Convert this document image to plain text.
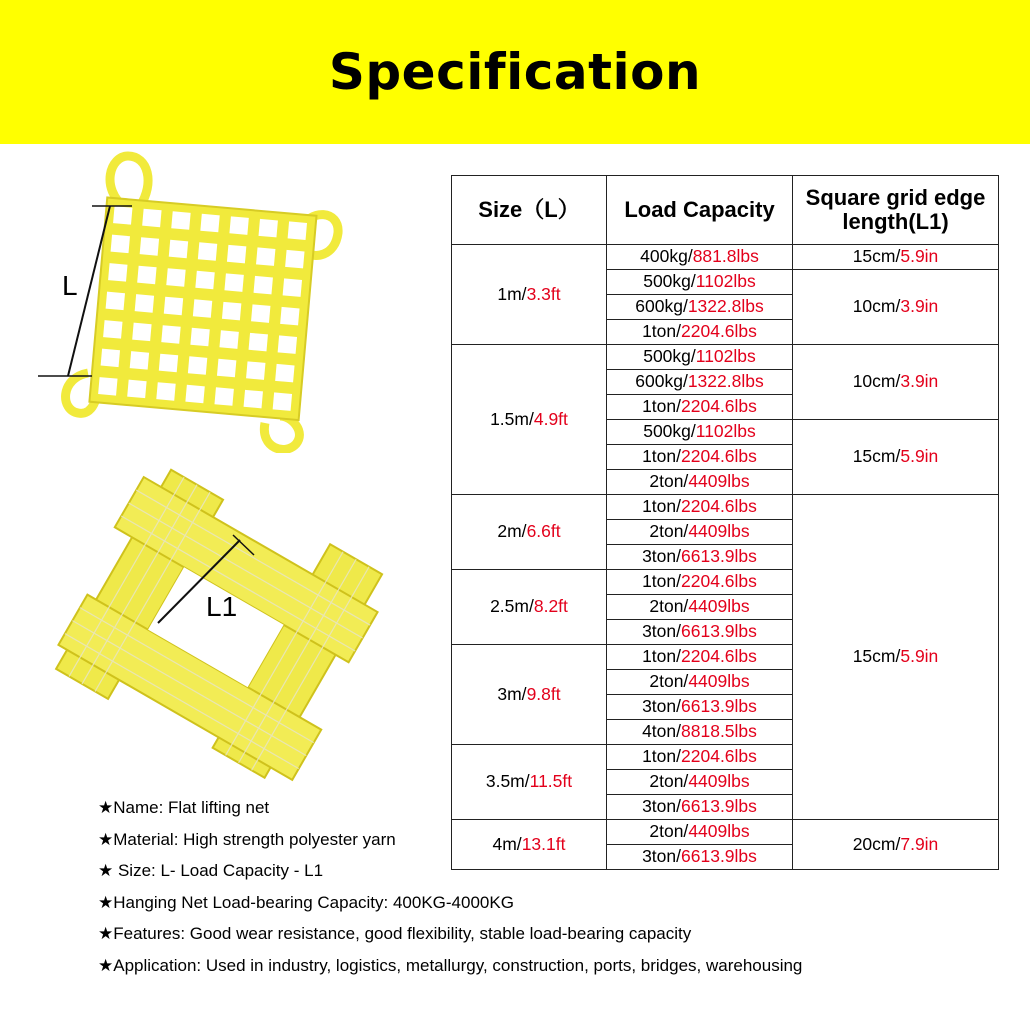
Specification
L
L1
Size（L）	Load Capacity	Square grid edge length(L1)
1m/3.3ft	400kg/881.8lbs	15cm/5.9in
	500kg/1102lbs	10cm/3.9in
	600kg/1322.8lbs	
	1ton/2204.6lbs	
1.5m/4.9ft	500kg/1102lbs	10cm/3.9in
	600kg/1322.8lbs	
	1ton/2204.6lbs	
	500kg/1102lbs	15cm/5.9in
	1ton/2204.6lbs	
	2ton/4409lbs	
2m/6.6ft	1ton/2204.6lbs	15cm/5.9in
	2ton/4409lbs	
	3ton/6613.9lbs	
2.5m/8.2ft	1ton/2204.6lbs	
	2ton/4409lbs	
	3ton/6613.9lbs	
3m/9.8ft	1ton/2204.6lbs	
	2ton/4409lbs	
	3ton/6613.9lbs	
	4ton/8818.5lbs	
3.5m/11.5ft	1ton/2204.6lbs	
	2ton/4409lbs	
	3ton/6613.9lbs	
4m/13.1ft	2ton/4409lbs	20cm/7.9in
	3ton/6613.9lbs	
★Name: Flat lifting net
★Material: High strength polyester yarn
★ Size: L- Load Capacity - L1
★Hanging Net Load-bearing Capacity: 400KG-4000KG
★Features: Good wear resistance, good flexibility, stable load-bearing capacity
★Application: Used in industry, logistics, metallurgy, construction, ports, bridges, warehousing
